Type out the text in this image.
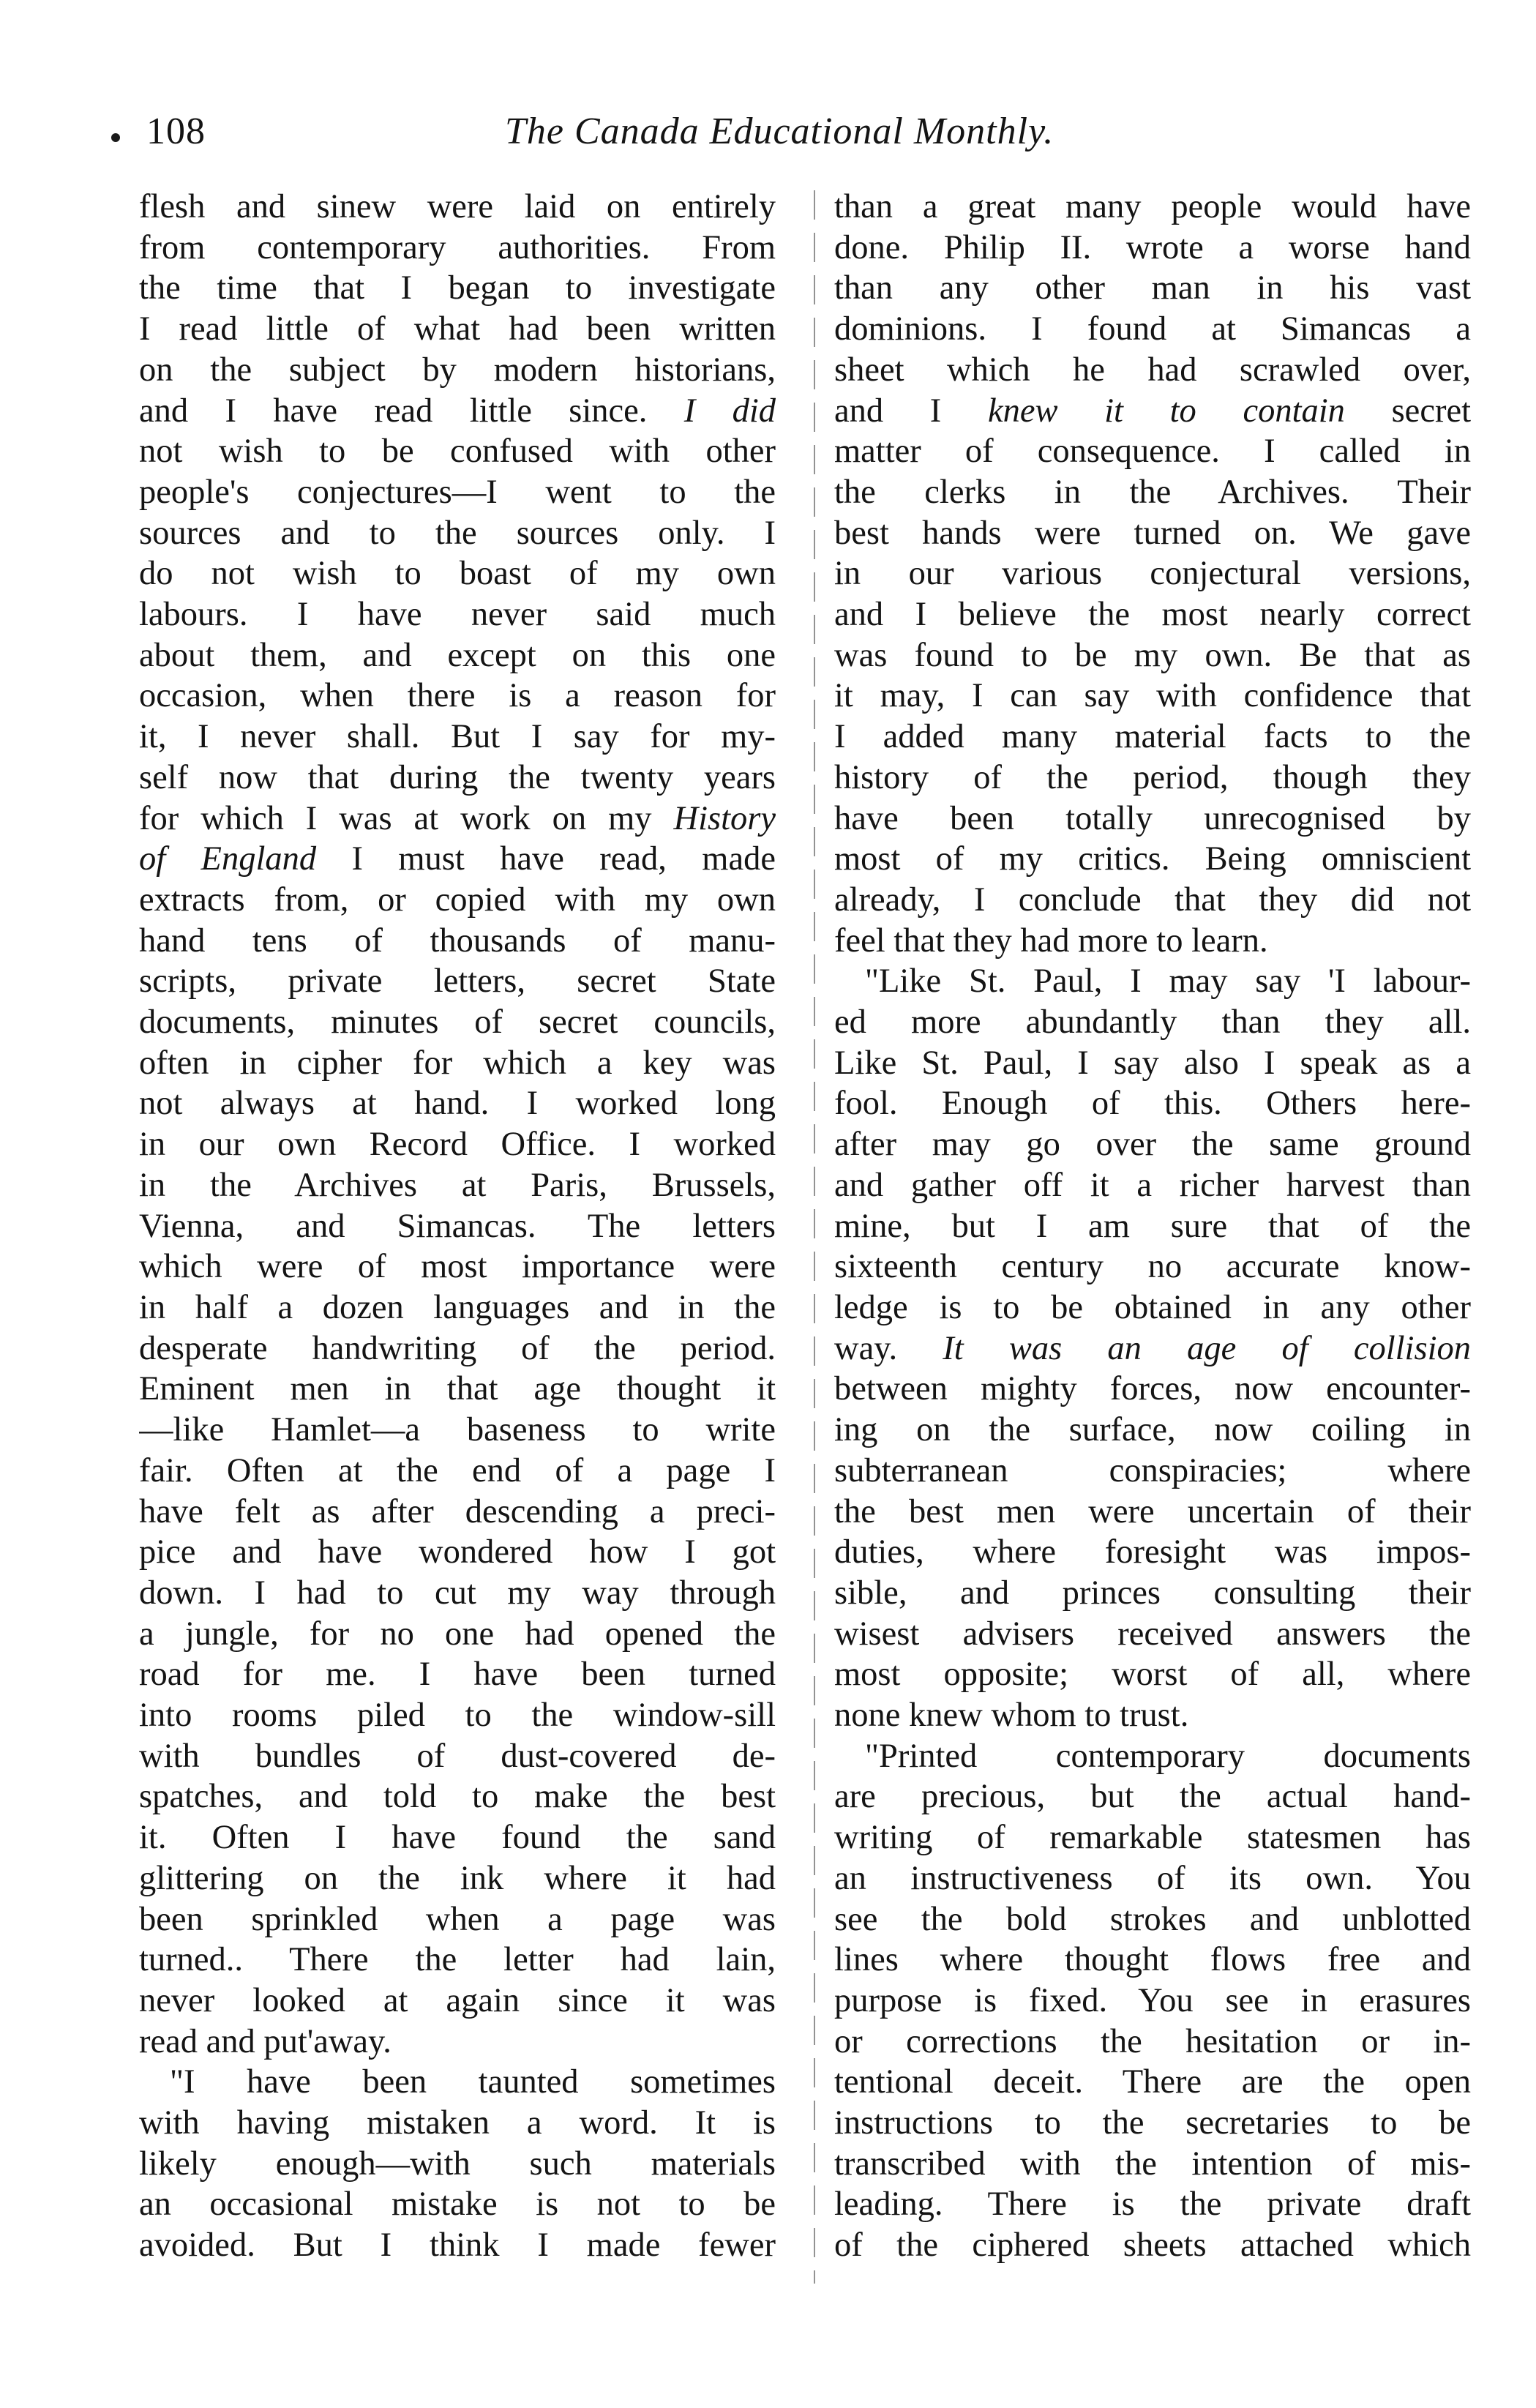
108	The Canada Educational Monthly.
flesh and sinew were laid on entirely
from contemporary authorities. From
the time that I began to investigate
I read little of what had been written
on the subject by modern historians,
and I have read little since. I did
not wish to be confused with other
people's conjectures—I went to the
sources and to the sources only. I
do not wish to boast of my own
labours. I have never said much
about them, and except on this one
occasion, when there is a reason for
it, I never shall. But I say for my-
self now that during the twenty years
for which I was at work on my History
of England I must have read, made
extracts from, or copied with my own
hand tens of thousands of manu-
scripts, private letters, secret State
documents, minutes of secret councils,
often in cipher for which a key was
not always at hand. I worked long
in our own Record Office. I worked
in the Archives at Paris, Brussels,
Vienna, and Simancas. The letters
which were of most importance were
in half a dozen languages and in the
desperate handwriting of the period.
Eminent men in that age thought it
—like Hamlet—a baseness to write
fair. Often at the end of a page I
have felt as after descending a preci-
pice and have wondered how I got
down. I had to cut my way through
a jungle, for no one had opened the
road for me. I have been turned
into rooms piled to the window-sill
with bundles of dust-covered de-
spatches, and told to make the best
it. Often I have found the sand
glittering on the ink where it had
been sprinkled when a page was
turned.. There the letter had lain,
never looked at again since it was
read and put'away.
"I have been taunted sometimes
with having mistaken a word. It is
likely enough—with such materials
an occasional mistake is not to be
avoided. But I think I made fewer
than a great many people would have
done. Philip II. wrote a worse hand
than any other man in his vast
dominions. I found at Simancas a
sheet which he had scrawled over,
and I knew it to contain secret
matter of consequence. I called in
the clerks in the Archives. Their
best hands were turned on. We gave
in our various conjectural versions,
and I believe the most nearly correct
was found to be my own. Be that as
it may, I can say with confidence that
I added many material facts to the
history of the period, though they
have been totally unrecognised by
most of my critics. Being omniscient
already, I conclude that they did not
feel that they had more to learn.
"Like St. Paul, I may say 'I labour-
ed more abundantly than they all.
Like St. Paul, I say also I speak as a
fool. Enough of this. Others here-
after may go over the same ground
and gather off it a richer harvest than
mine, but I am sure that of the
sixteenth century no accurate know-
ledge is to be obtained in any other
way. It was an age of collision
between mighty forces, now encounter-
ing on the surface, now coiling in
subterranean conspiracies; where
the best men were uncertain of their
duties, where foresight was impos-
sible, and princes consulting their
wisest advisers received answers the
most opposite; worst of all, where
none knew whom to trust.
"Printed contemporary documents
are precious, but the actual hand-
writing of remarkable statesmen has
an instructiveness of its own. You
see the bold strokes and unblotted
lines where thought flows free and
purpose is fixed. You see in erasures
or corrections the hesitation or in-
tentional deceit. There are the open
instructions to the secretaries to be
transcribed with the intention of mis-
leading. There is the private draft
of the ciphered sheets attached which
